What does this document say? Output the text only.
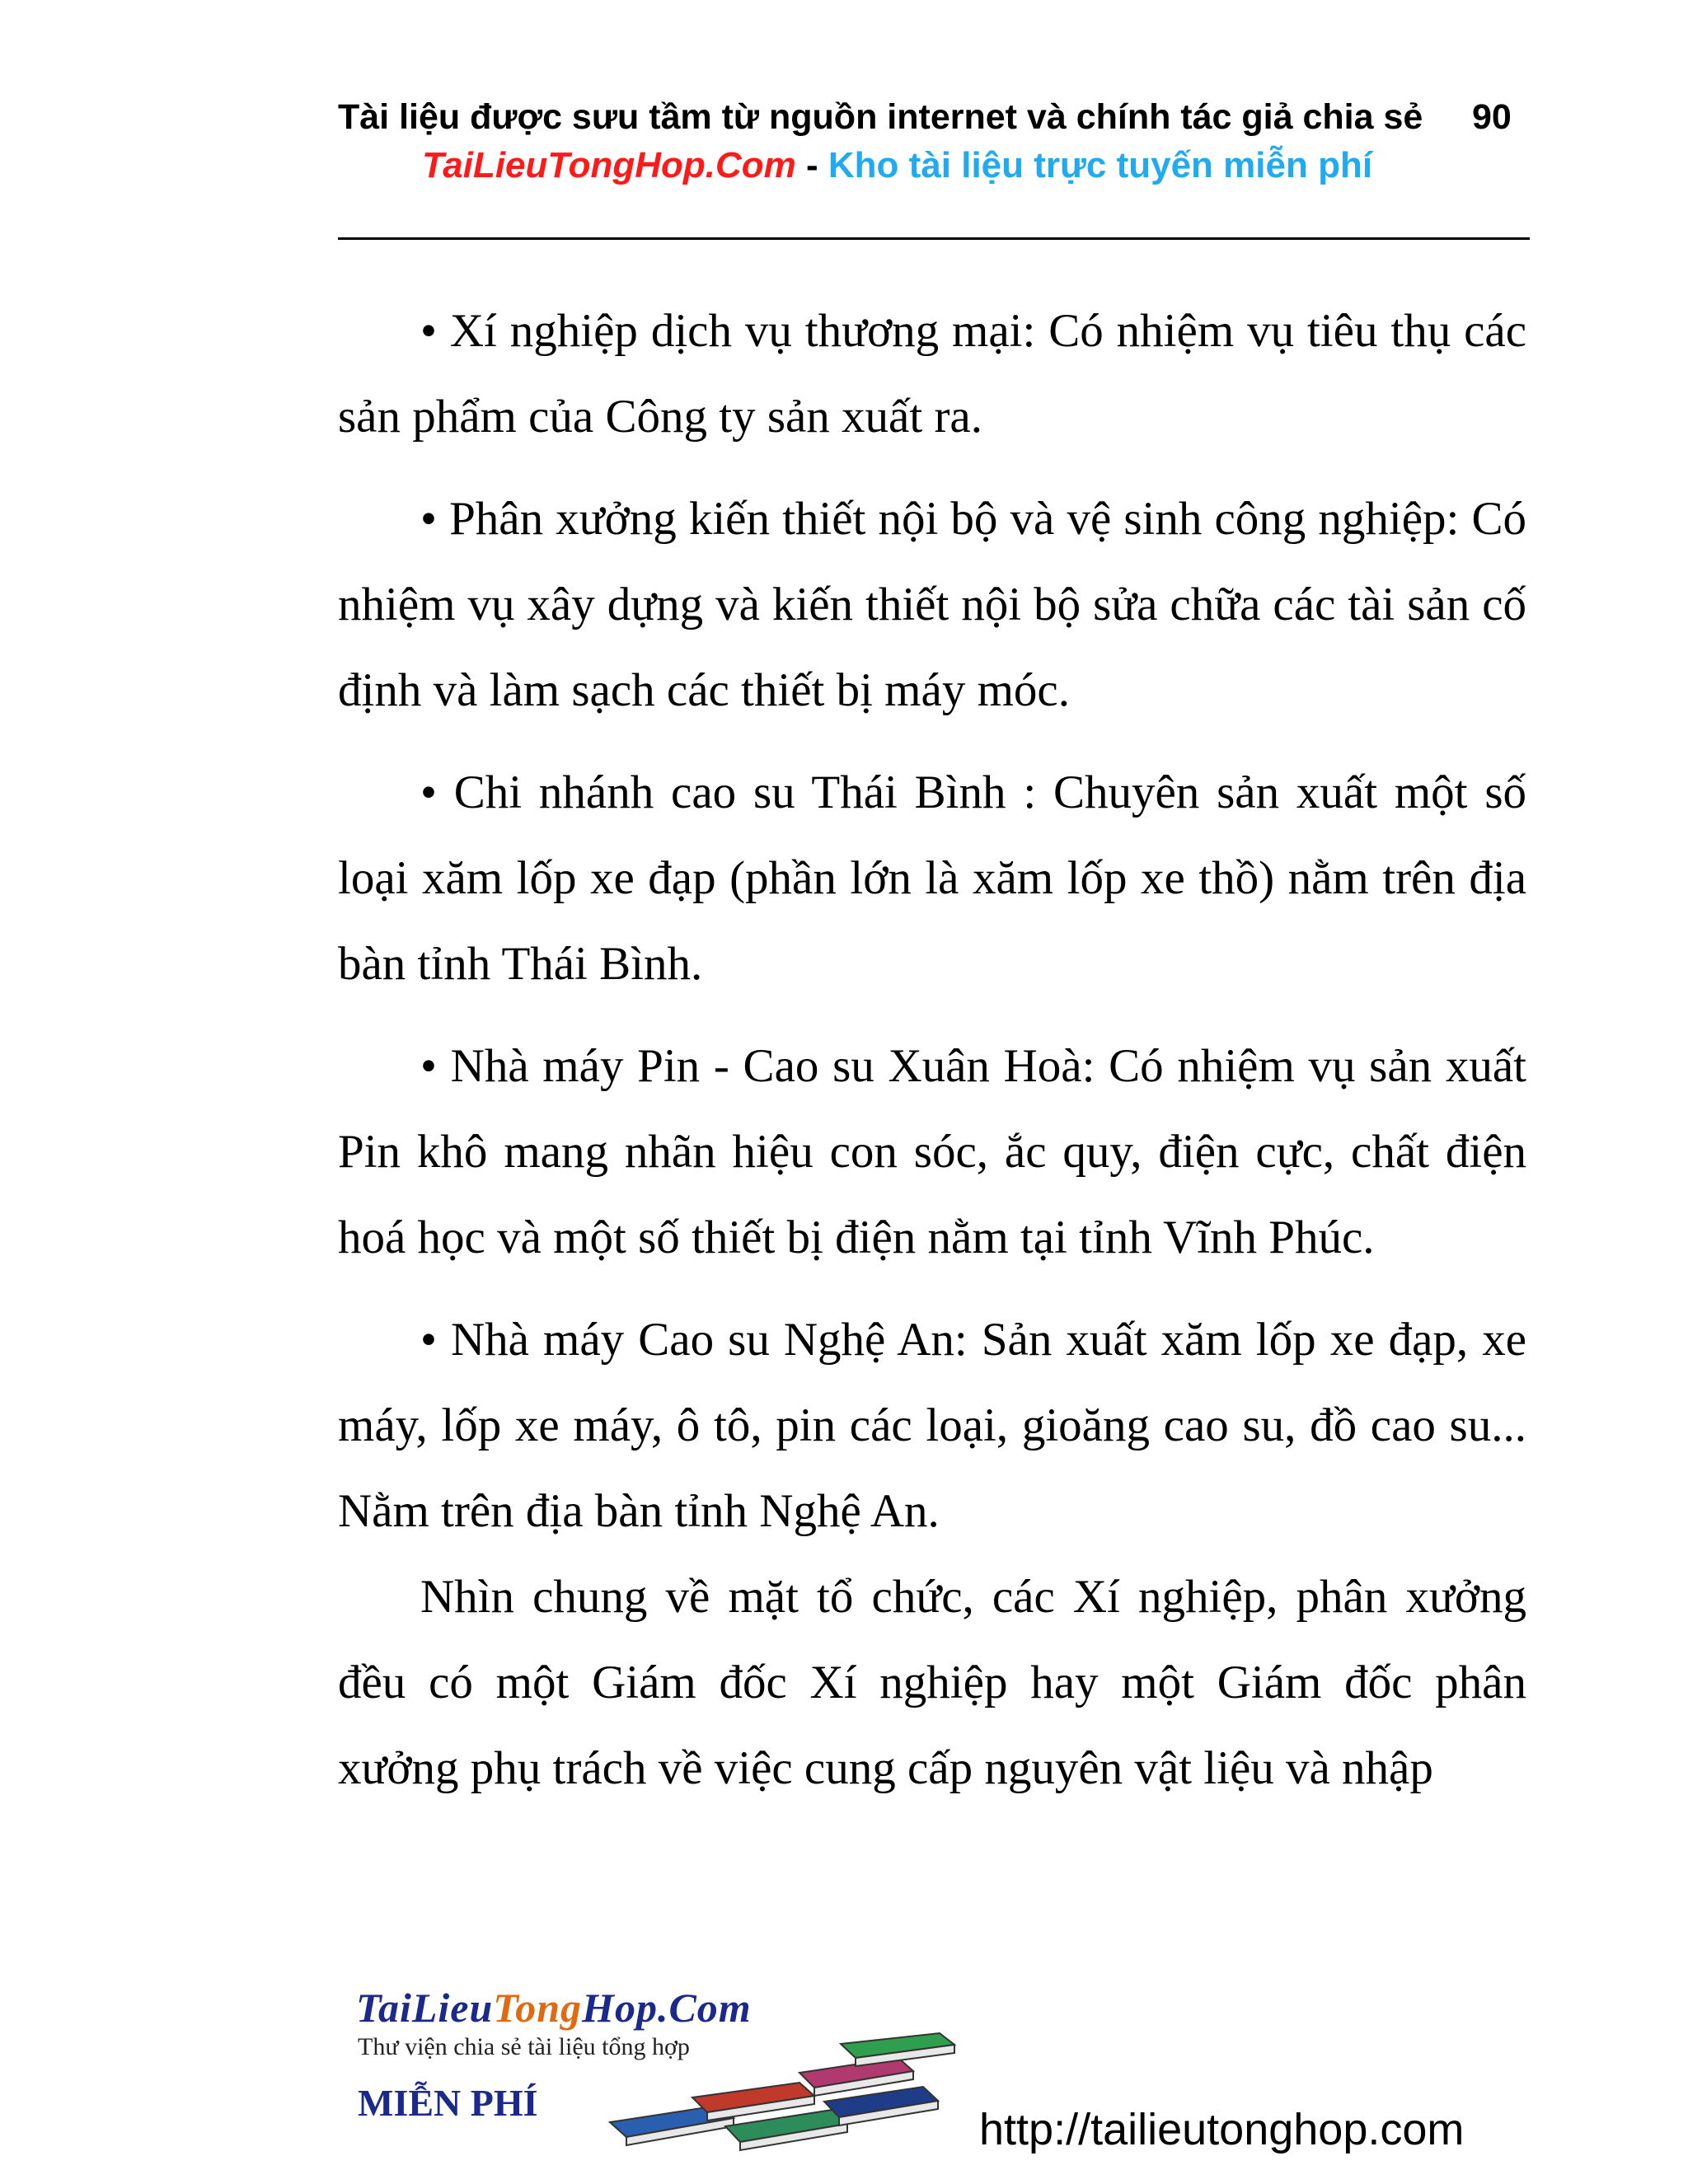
Tài liệu được sưu tầm từ nguồn internet và chính tác giả chia sẻ	90
TaiLieuTongHop.Com - Kho tài liệu trực tuyến miễn phí

• Xí nghiệp dịch vụ thương mại: Có nhiệm vụ tiêu thụ các sản phẩm của Công ty sản xuất ra.

• Phân xưởng kiến thiết nội bộ và vệ sinh công nghiệp: Có nhiệm vụ xây dựng và kiến thiết nội bộ sửa chữa các tài sản cố định và làm sạch các thiết bị máy móc.

• Chi nhánh cao su Thái Bình : Chuyên sản xuất một số loại xăm lốp xe đạp (phần lớn là xăm lốp xe thồ) nằm trên địa bàn tỉnh Thái Bình.

• Nhà máy Pin - Cao su Xuân Hoà: Có nhiệm vụ sản xuất Pin khô mang nhãn hiệu con sóc, ắc quy, điện cực, chất điện hoá học và một số thiết bị điện nằm tại tỉnh Vĩnh Phúc.

• Nhà máy Cao su Nghệ An: Sản xuất xăm lốp xe đạp, xe máy, lốp xe máy, ô tô, pin các loại, gioăng cao su, đồ cao su... Nằm trên địa bàn tỉnh Nghệ An.

Nhìn chung về mặt tổ chức, các Xí nghiệp, phân xưởng đều có một Giám đốc Xí nghiệp hay một Giám đốc phân xưởng phụ trách về việc cung cấp nguyên vật liệu và nhập

TaiLieuTongHop.Com
Thư viện chia sẻ tài liệu tổng hợp
MIỄN PHÍ
http://tailieutonghop.com
